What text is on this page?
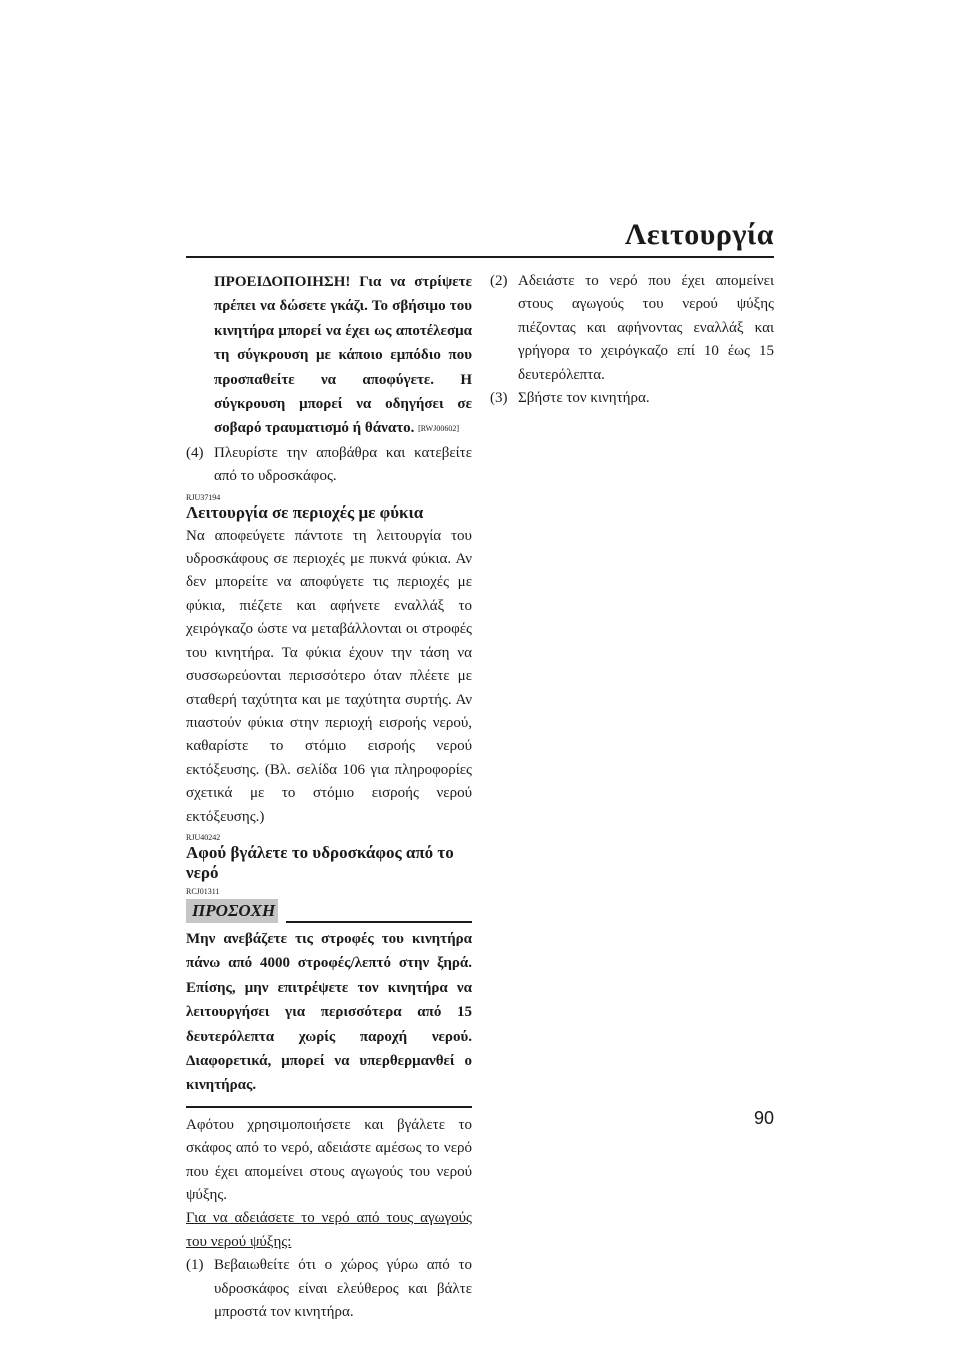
Λειτουργία
ΠΡΟΕΙΔΟΠΟΙΗΣΗ! Για να στρίψετε πρέπει να δώσετε γκάζι. Το σβήσιμο του κινητήρα μπορεί να έχει ως αποτέλεσμα τη σύγκρουση με κάποιο εμπόδιο που προσπαθείτε να αποφύγετε. Η σύγκρουση μπορεί να οδηγήσει σε σοβαρό τραυματισμό ή θάνατο. [RWJ00602]
(4) Πλευρίστε την αποβάθρα και κατεβείτε από το υδροσκάφος.
RJU37194
Λειτουργία σε περιοχές με φύκια
Να αποφεύγετε πάντοτε τη λειτουργία του υδροσκάφους σε περιοχές με πυκνά φύκια. Αν δεν μπορείτε να αποφύγετε τις περιοχές με φύκια, πιέζετε και αφήνετε εναλλάξ το χειρόγκαζο ώστε να μεταβάλλονται οι στροφές του κινητήρα. Τα φύκια έχουν την τάση να συσσωρεύονται περισσότερο όταν πλέετε με σταθερή ταχύτητα και με ταχύτητα συρτής. Αν πιαστούν φύκια στην περιοχή εισροής νερού, καθαρίστε το στόμιο εισροής νερού εκτόξευσης. (Βλ. σελίδα 106 για πληροφορίες σχετικά με το στόμιο εισροής νερού εκτόξευσης.)
RJU40242
Αφού βγάλετε το υδροσκάφος από το νερό
RCJ01311
ΠΡΟΣΟΧΗ
Μην ανεβάζετε τις στροφές του κινητήρα πάνω από 4000 στροφές/λεπτό στην ξηρά. Επίσης, μην επιτρέψετε τον κινητήρα να λειτουργήσει για περισσότερα από 15 δευτερόλεπτα χωρίς παροχή νερού. Διαφορετικά, μπορεί να υπερθερμανθεί ο κινητήρας.
Αφότου χρησιμοποιήσετε και βγάλετε το σκάφος από το νερό, αδειάστε αμέσως το νερό που έχει απομείνει στους αγωγούς του νερού ψύξης.
Για να αδειάσετε το νερό από τους αγωγούς του νερού ψύξης:
(1) Βεβαιωθείτε ότι ο χώρος γύρω από το υδροσκάφος είναι ελεύθερος και βάλτε μπροστά τον κινητήρα.
(2) Αδειάστε το νερό που έχει απομείνει στους αγωγούς του νερού ψύξης πιέζοντας και αφήνοντας εναλλάξ και γρήγορα το χειρόγκαζο επί 10 έως 15 δευτερόλεπτα.
(3) Σβήστε τον κινητήρα.
90
